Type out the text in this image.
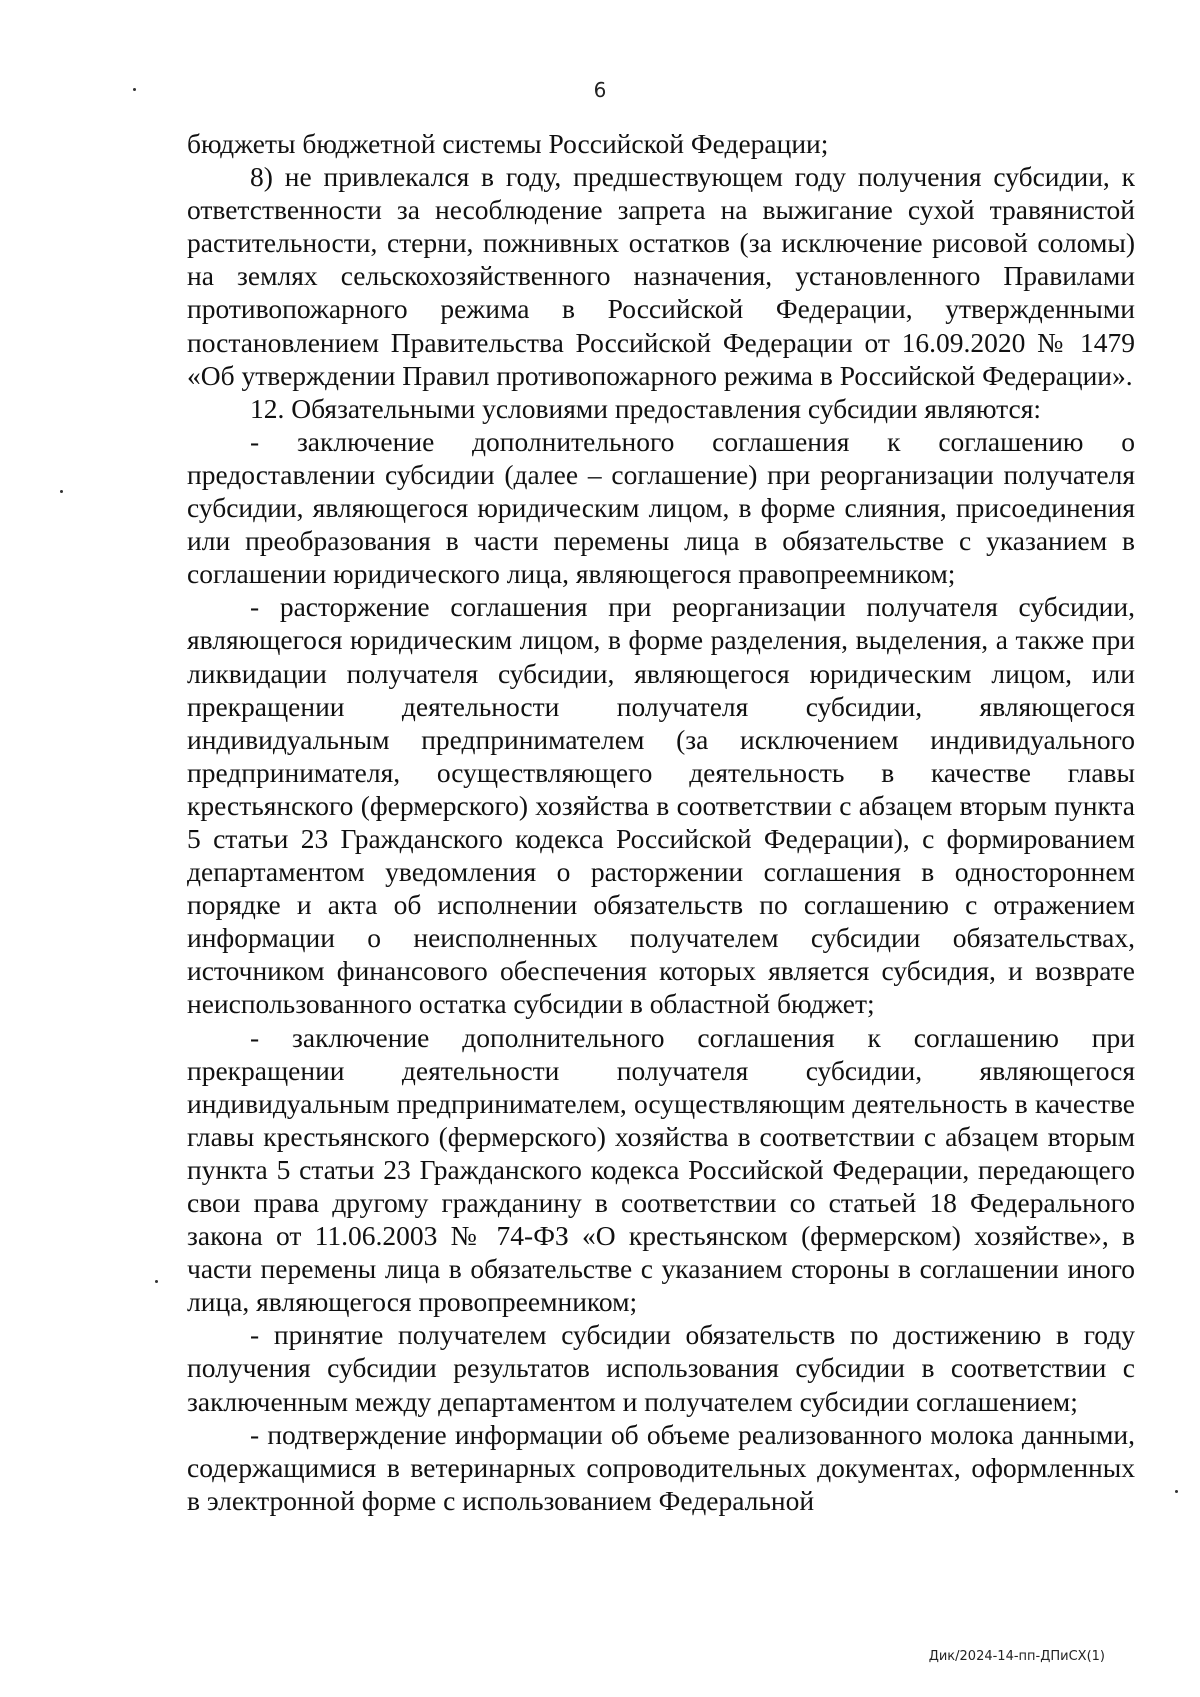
6

бюджеты бюджетной системы Российской Федерации;

8) не привлекался в году, предшествующем году получения субсидии, к ответственности за несоблюдение запрета на выжигание сухой травянистой растительности, стерни, пожнивных остатков (за исключение рисовой соломы) на землях сельскохозяйственного назначения, установленного Правилами противопожарного режима в Российской Федерации, утвержденными постановлением Правительства Российской Федерации от 16.09.2020 № 1479 «Об утверждении Правил противопожарного режима в Российской Федерации».

12. Обязательными условиями предоставления субсидии являются:

- заключение дополнительного соглашения к соглашению о предоставлении субсидии (далее – соглашение) при реорганизации получателя субсидии, являющегося юридическим лицом, в форме слияния, присоединения или преобразования в части перемены лица в обязательстве с указанием в соглашении юридического лица, являющегося правопреемником;

- расторжение соглашения при реорганизации получателя субсидии, являющегося юридическим лицом, в форме разделения, выделения, а также при ликвидации получателя субсидии, являющегося юридическим лицом, или прекращении деятельности получателя субсидии, являющегося индивидуальным предпринимателем (за исключением индивидуального предпринимателя, осуществляющего деятельность в качестве главы крестьянского (фермерского) хозяйства в соответствии с абзацем вторым пункта 5 статьи 23 Гражданского кодекса Российской Федерации), с формированием департаментом уведомления о расторжении соглашения в одностороннем порядке и акта об исполнении обязательств по соглашению с отражением информации о неисполненных получателем субсидии обязательствах, источником финансового обеспечения которых является субсидия, и возврате неиспользованного остатка субсидии в областной бюджет;

- заключение дополнительного соглашения к соглашению при прекращении деятельности получателя субсидии, являющегося индивидуальным предпринимателем, осуществляющим деятельность в качестве главы крестьянского (фермерского) хозяйства в соответствии с абзацем вторым пункта 5 статьи 23 Гражданского кодекса Российской Федерации, передающего свои права другому гражданину в соответствии со статьей 18 Федерального закона от 11.06.2003 № 74-ФЗ «О крестьянском (фермерском) хозяйстве», в части перемены лица в обязательстве с указанием стороны в соглашении иного лица, являющегося провопреемником;

- принятие получателем субсидии обязательств по достижению в году получения субсидии результатов использования субсидии в соответствии с заключенным между департаментом и получателем субсидии соглашением;

- подтверждение информации об объеме реализованного молока данными, содержащимися в ветеринарных сопроводительных документах, оформленных в электронной форме с использованием Федеральной

Дик/2024-14-пп-ДПиСХ(1)
